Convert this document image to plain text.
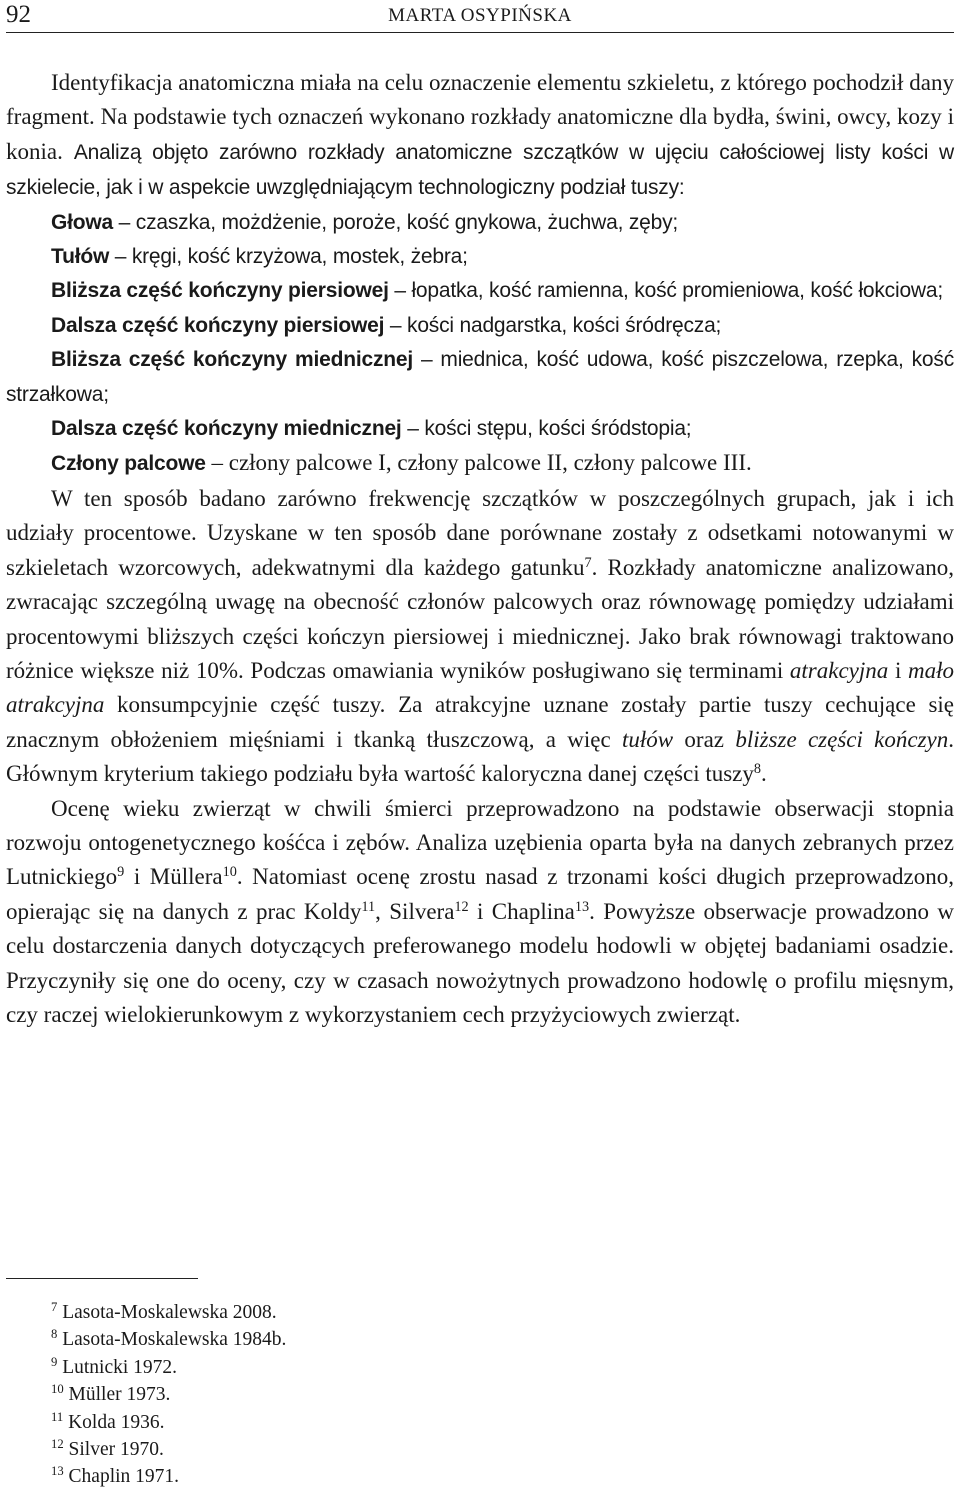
92	MARTA OSYPIŃSKA

Identyfikacja anatomiczna miała na celu oznaczenie elementu szkieletu, z którego pochodził dany fragment. Na podstawie tych oznaczeń wykonano rozkłady anatomiczne dla bydła, świni, owcy, kozy i konia. Analizą objęto zarówno rozkłady anatomiczne szczątków w ujęciu całościowej listy kości w szkielecie, jak i w aspekcie uwzględniającym technologiczny podział tuszy:

Głowa – czaszka, możdżenie, poroże, kość gnykowa, żuchwa, zęby;

Tułów – kręgi, kość krzyżowa, mostek, żebra;

Bliższa część kończyny piersiowej – łopatka, kość ramienna, kość promieniowa, kość łokciowa;

Dalsza część kończyny piersiowej – kości nadgarstka, kości śródręcza;

Bliższa część kończyny miednicznej – miednica, kość udowa, kość piszczelowa, rzepka, kość strzałkowa;

Dalsza część kończyny miednicznej – kości stępu, kości śródstopia;

Człony palcowe – człony palcowe I, człony palcowe II, człony palcowe III.

W ten sposób badano zarówno frekwencję szczątków w poszczególnych grupach, jak i ich udziały procentowe. Uzyskane w ten sposób dane porównane zostały z odsetkami notowanymi w szkieletach wzorcowych, adekwatnymi dla każdego gatunku$^7$. Rozkłady anatomiczne analizowano, zwracając szczególną uwagę na obecność członów palcowych oraz równowagę pomiędzy udziałami procentowymi bliższych części kończyn piersiowej i miednicznej. Jako brak równowagi traktowano różnice większe niż 10%. Podczas omawiania wyników posługiwano się terminami atrakcyjna i mało atrakcyjna konsumpcyjnie część tuszy. Za atrakcyjne uznane zostały partie tuszy cechujące się znacznym obłożeniem mięśniami i tkanką tłuszczową, a więc tułów oraz bliższe części kończyn. Głównym kryterium takiego podziału była wartość kaloryczna danej części tuszy$^8$.

Ocenę wieku zwierząt w chwili śmierci przeprowadzono na podstawie obserwacji stopnia rozwoju ontogenetycznego kośćca i zębów. Analiza uzębienia oparta była na danych zebranych przez Lutnickiego$^9$ i Müllera$^{10}$. Natomiast ocenę zrostu nasad z trzonami kości długich przeprowadzono, opierając się na danych z prac Koldy$^{11}$, Silvera$^{12}$ i Chaplina$^{13}$. Powyższe obserwacje prowadzono w celu dostarczenia danych dotyczących preferowanego modelu hodowli w objętej badaniami osadzie. Przyczyniły się one do oceny, czy w czasach nowożytnych prowadzono hodowlę o profilu mięsnym, czy raczej wielokierunkowym z wykorzystaniem cech przyżyciowych zwierząt.

$^7$ Lasota-Moskalewska 2008.
$^8$ Lasota-Moskalewska 1984b.
$^9$ Lutnicki 1972.
$^{10}$ Müller 1973.
$^{11}$ Kolda 1936.
$^{12}$ Silver 1970.
$^{13}$ Chaplin 1971.
